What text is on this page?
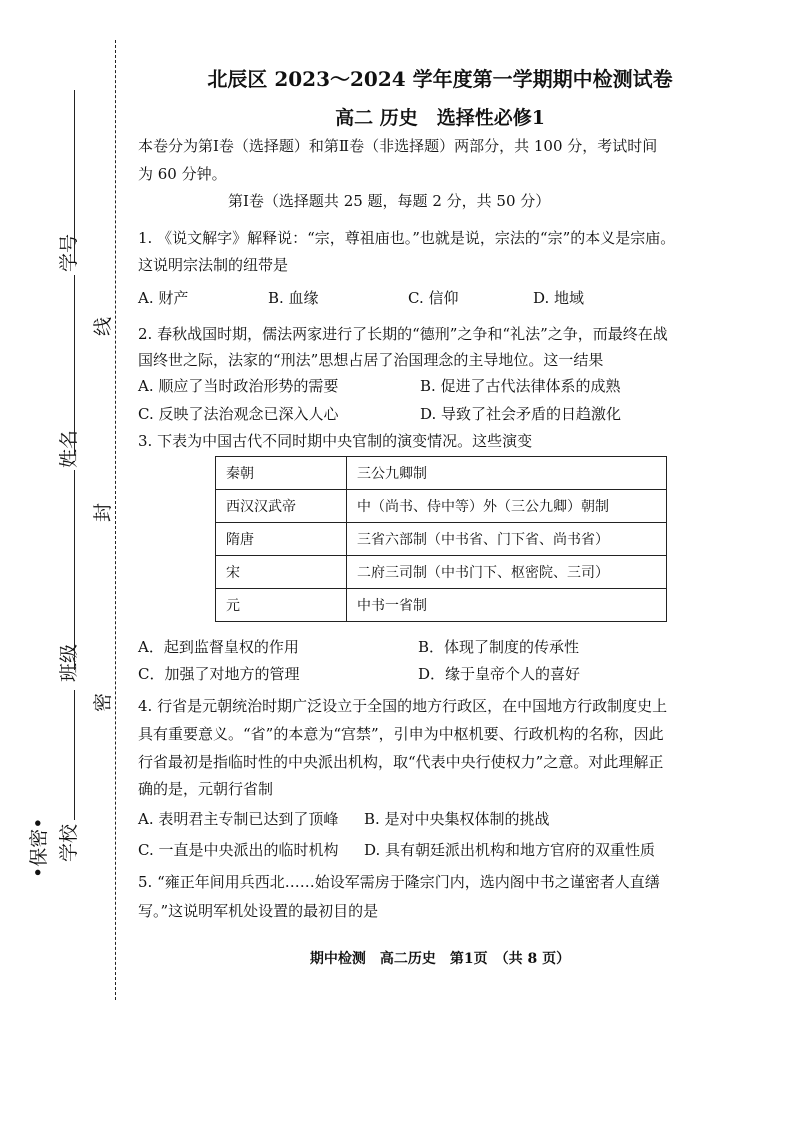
•保密• 学校
班级
姓名
学号
密
封
线
北辰区 2023～2024 学年度第一学期期中检测试卷
高二 历史　选择性必修1
本卷分为第Ⅰ卷（选择题）和第Ⅱ卷（非选择题）两部分，共 100 分，考试时间
为 60 分钟。
第Ⅰ卷（选择题共 25 题，每题 2 分，共 50 分）
1. 《说文解字》解释说：“宗，尊祖庙也。”也就是说，宗法的“宗”的本义是宗庙。
这说明宗法制的纽带是
A. 财产	B. 血缘	C. 信仰	D. 地域
2. 春秋战国时期，儒法两家进行了长期的“德刑”之争和“礼法”之争，而最终在战
国终世之际，法家的“刑法”思想占居了治国理念的主导地位。这一结果
A. 顺应了当时政治形势的需要	B. 促进了古代法律体系的成熟
C. 反映了法治观念已深入人心	D. 导致了社会矛盾的日趋激化
3. 下表为中国古代不同时期中央官制的演变情况。这些演变
秦朝	三公九卿制
西汉汉武帝	中（尚书、侍中等）外（三公九卿）朝制
隋唐	三省六部制（中书省、门下省、尚书省）
宋	二府三司制（中书门下、枢密院、三司）
元	中书一省制
A．起到监督皇权的作用	B．体现了制度的传承性
C．加强了对地方的管理	D．缘于皇帝个人的喜好
4. 行省是元朝统治时期广泛设立于全国的地方行政区，在中国地方行政制度史上
具有重要意义。“省”的本意为“宫禁”，引申为中枢机要、行政机构的名称，因此
行省最初是指临时性的中央派出机构，取“代表中央行使权力”之意。对此理解正
确的是，元朝行省制
A. 表明君主专制已达到了顶峰 B. 是对中央集权体制的挑战
C. 一直是中央派出的临时机构 D. 具有朝廷派出机构和地方官府的双重性质
5. “雍正年间用兵西北……始设军需房于隆宗门内，选内阁中书之谨密者人直缮
写。”这说明军机处设置的最初目的是
期中检测　高二历史　第1页　（共 8 页）
